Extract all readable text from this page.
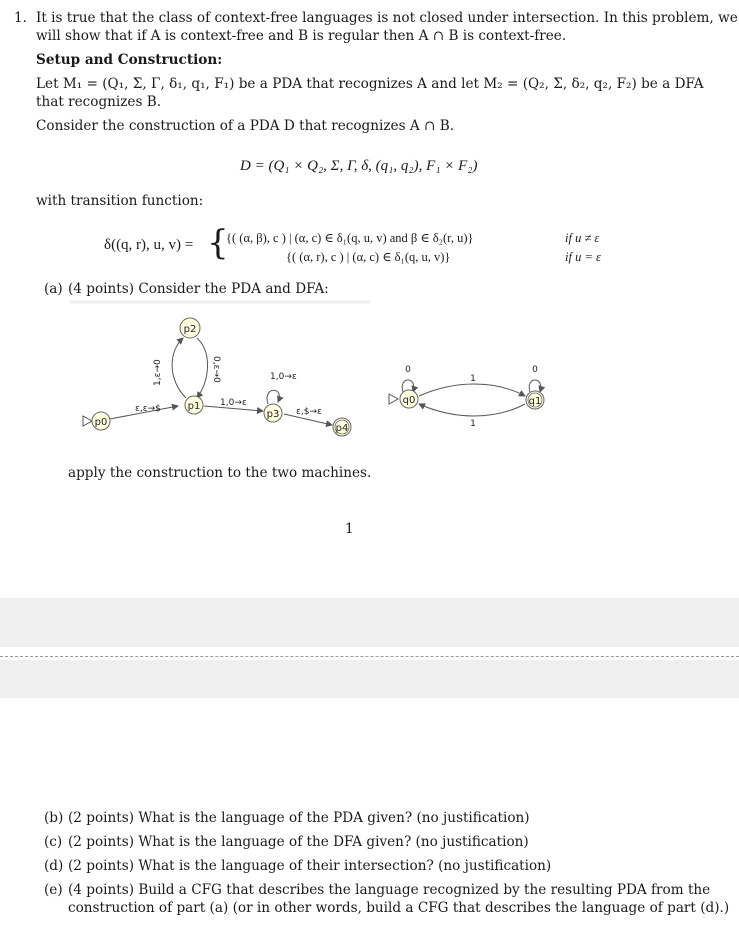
1. It is true that the class of context-free languages is not closed under intersection. In this problem, we
will show that if A is context-free and B is regular then A ∩ B is context-free.
Setup and Construction:
Let M₁ = (Q₁, Σ, Γ, δ₁, q₁, F₁) be a PDA that recognizes A and let M₂ = (Q₂, Σ, δ₂, q₂, F₂) be a DFA
that recognizes B.
Consider the construction of a PDA D that recognizes A ∩ B.
D = (Q₁ × Q₂, Σ, Γ, δ, (q₁, q₂), F₁ × F₂)
with transition function:
δ((q, r), u, v) = {
{( (α, β), c ) | (α, c) ∈ δ₁(q, u, v) and β ∈ δ₂(r, u)}	if u ≠ ε
{( (α, r), c ) | (α, c) ∈ δ₁(q, u, v)}	if u = ε
(a) (4 points) Consider the PDA and DFA:
p0
p1
p2
p3
p4
ε,ε→$
1,ε→0	0,ε→0
1,0→ε
1,0→ε
ε,$→ε
q0	q1
0	0
1
1
apply the construction to the two machines.
1
(b) (2 points) What is the language of the PDA given? (no justification)
(c) (2 points) What is the language of the DFA given? (no justification)
(d) (2 points) What is the language of their intersection? (no justification)
(e) (4 points) Build a CFG that describes the language recognized by the resulting PDA from the
construction of part (a) (or in other words, build a CFG that describes the language of part (d).)
